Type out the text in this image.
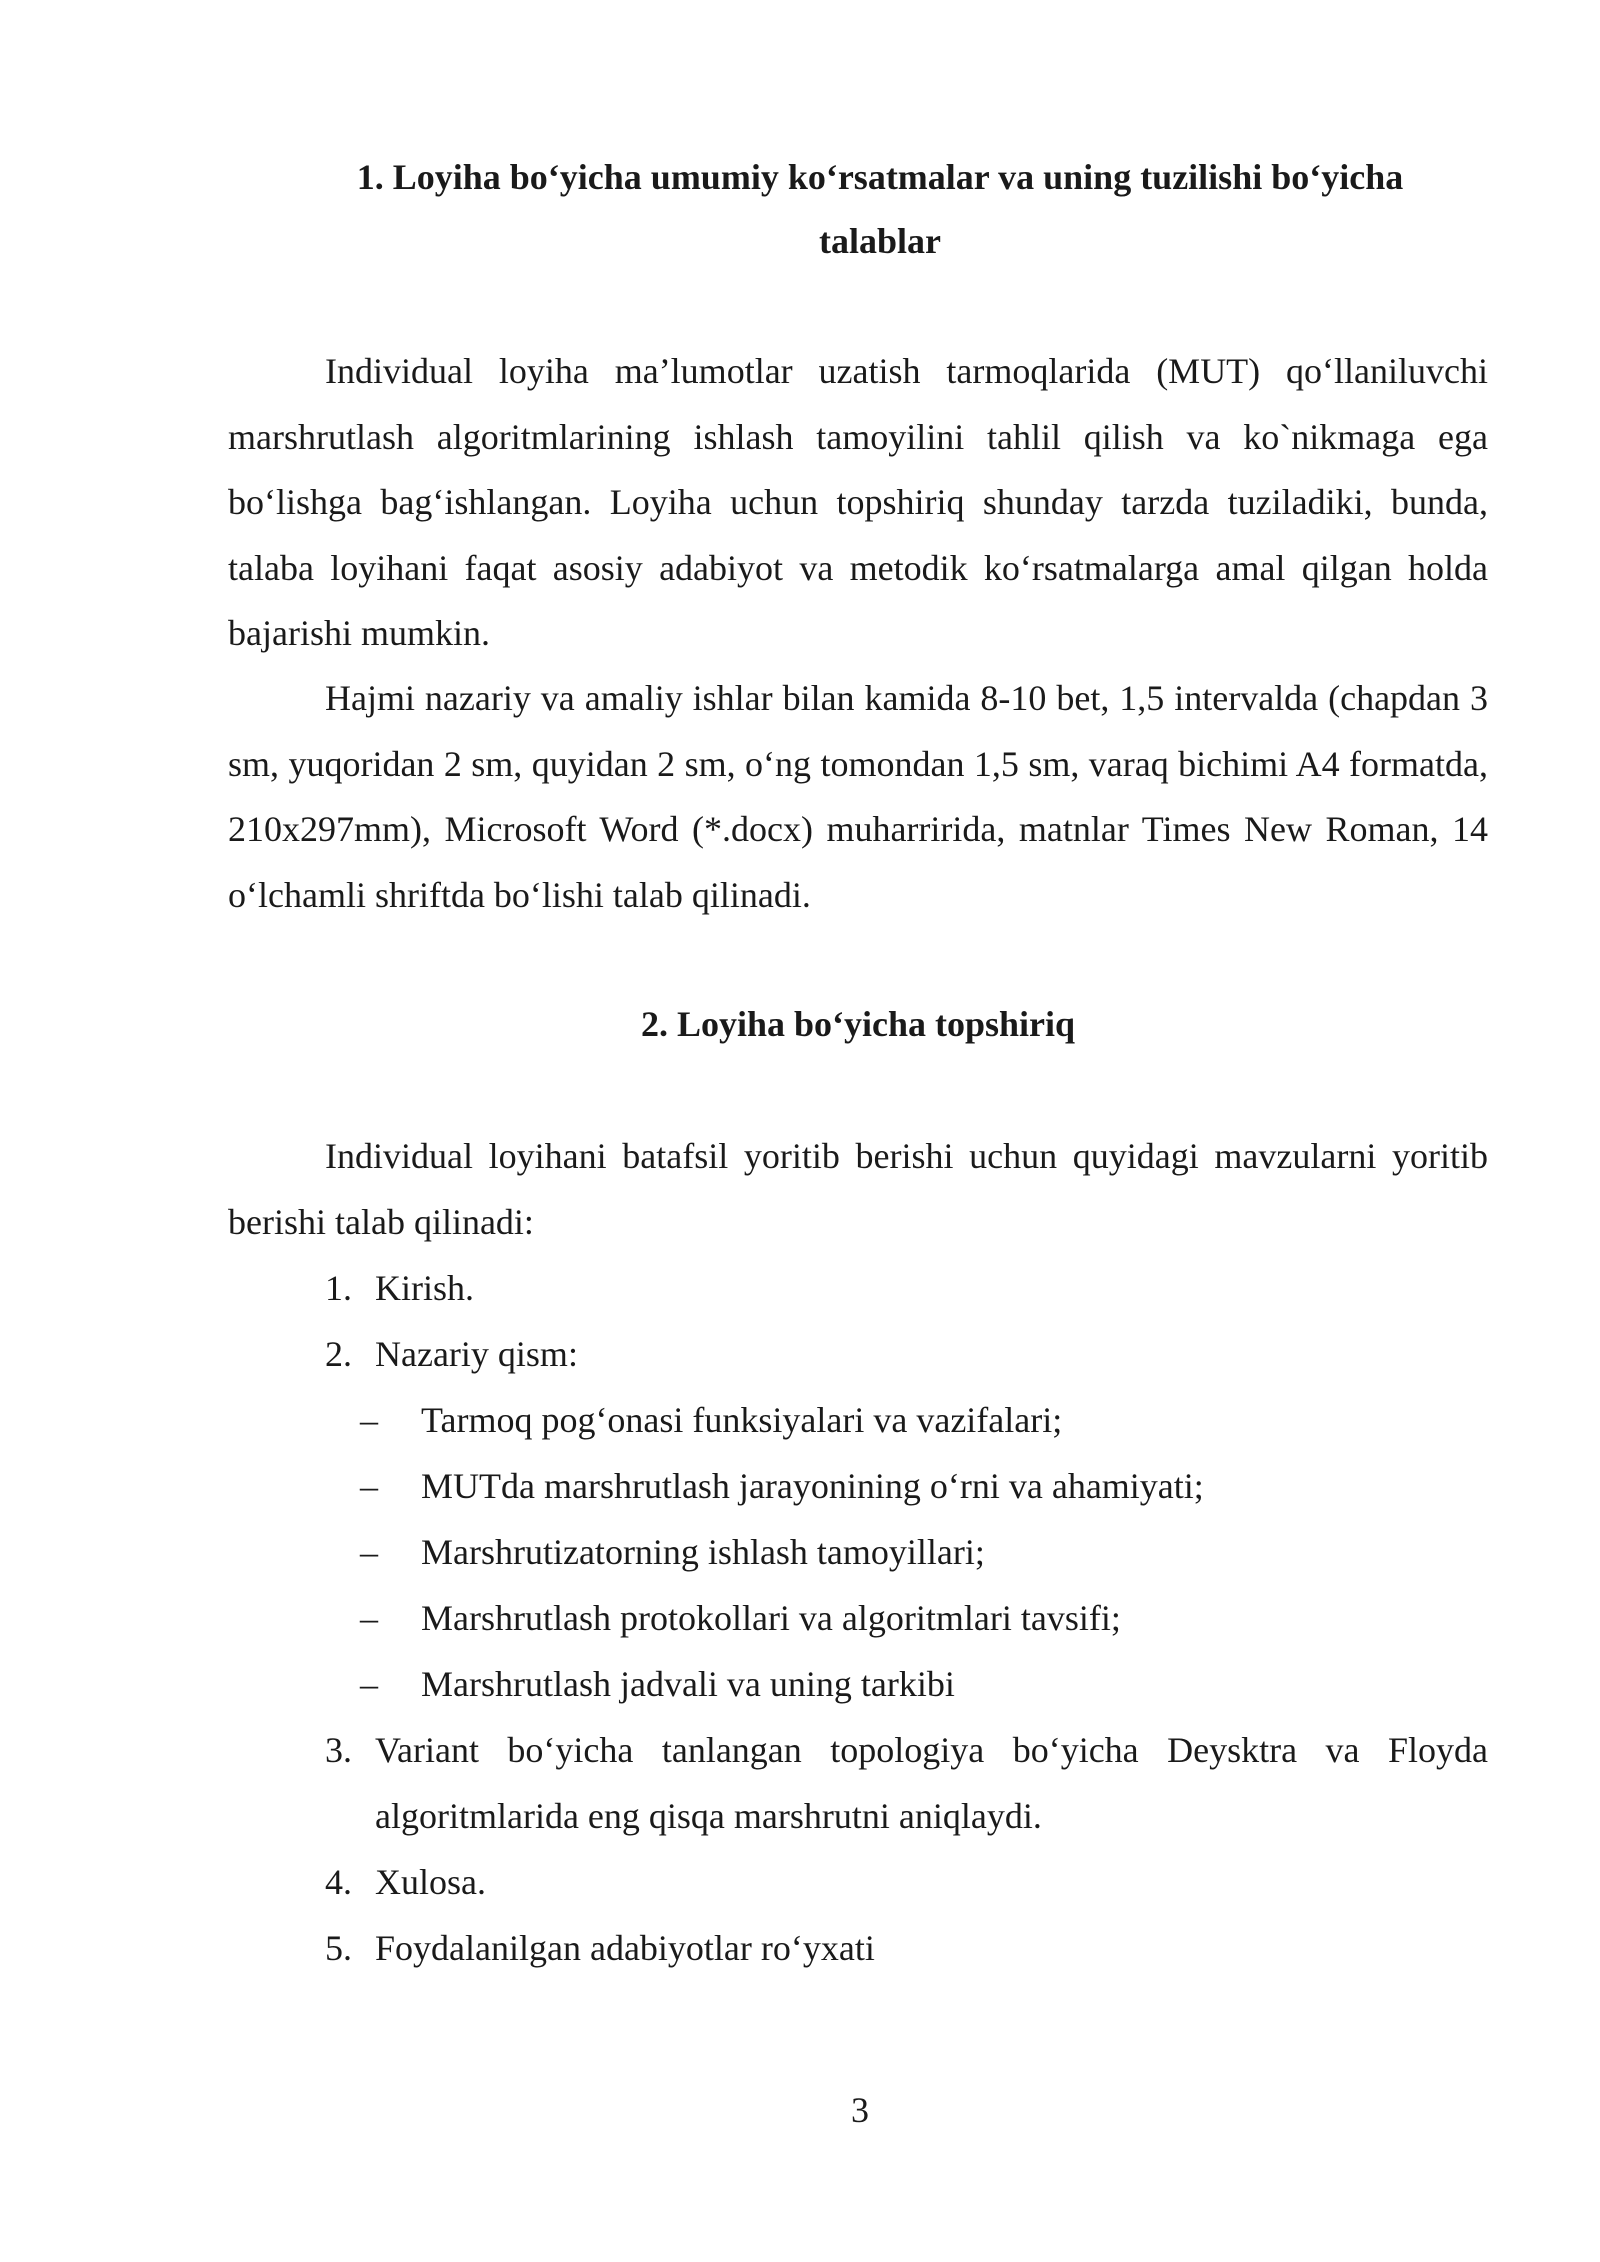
1. Loyiha bo‘yicha umumiy ko‘rsatmalar va uning tuzilishi bo‘yicha talablar

Individual loyiha ma’lumotlar uzatish tarmoqlarida (MUT) qo‘llaniluvchi marshrutlash algoritmlarining ishlash tamoyilini tahlil qilish va ko`nikmaga ega bo‘lishga bag‘ishlangan. Loyiha uchun topshiriq shunday tarzda tuziladiki, bunda, talaba loyihani faqat asosiy adabiyot va metodik ko‘rsatmalarga amal qilgan holda bajarishi mumkin.

Hajmi nazariy va amaliy ishlar bilan kamida 8-10 bet, 1,5 intervalda (chapdan 3 sm, yuqoridan 2 sm, quyidan 2 sm, o‘ng tomondan 1,5 sm, varaq bichimi A4 formatda, 210x297mm), Microsoft Word (*.docx) muharririda, matnlar Times New Roman, 14 o‘lchamli shriftda bo‘lishi talab qilinadi.

2. Loyiha bo‘yicha topshiriq

Individual loyihani batafsil yoritib berishi uchun quyidagi mavzularni yoritib berishi talab qilinadi:

1. Kirish.
2. Nazariy qism:
– Tarmoq pog‘onasi funksiyalari va vazifalari;
– MUTda marshrutlash jarayonining o‘rni va ahamiyati;
– Marshrutizatorning ishlash tamoyillari;
– Marshrutlash protokollari va algoritmlari tavsifi;
– Marshrutlash jadvali va uning tarkibi
3. Variant bo‘yicha tanlangan topologiya bo‘yicha Deysktra va Floyda algoritmlarida eng qisqa marshrutni aniqlaydi.
4. Xulosa.
5. Foydalanilgan adabiyotlar ro‘yxati
3
